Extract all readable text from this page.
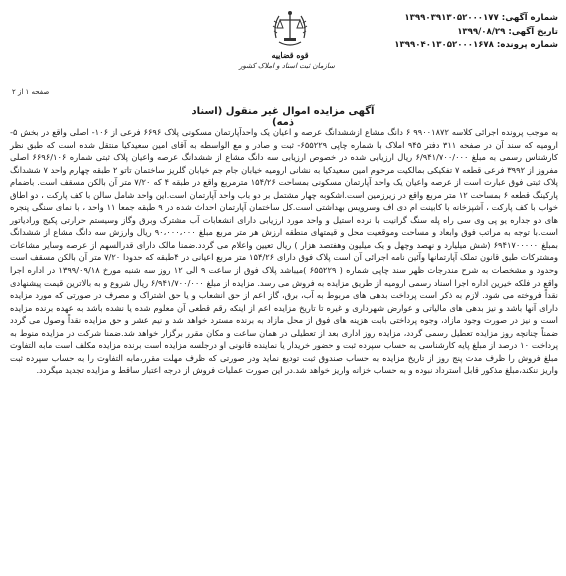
شماره آگهی: ۱۳۹۹۰۳۹۱۳۰۵۲۰۰۰۱۷۷
تاریخ آگهی: ۱۳۹۹/۰۸/۲۹
شماره پرونده: ۱۳۹۹۰۴۰۱۳۰۵۲۰۰۰۱۶۷۸
قوه قضاییه
سازمان ثبت اسناد و املاک کشور
صفحه ۱ از ۲
آگهی مزایده اموال غیر منقول (اسناد ذمه)

به موجب پرونده اجرائی کلاسه ۹۹۰۰۱۸۷۲ ۶ دانگ مشاع ازششدانگ عرصه و اعیان یک واحدآپارتمان مسکونی پلاک ۶۶۹۶ فرعی از ۱۰۶- اصلی واقع در بخش ۵- ارومیه که سند آن در صفحه ۳۱۱ دفتر ۹۴۵ املاک با شماره چاپی ۶۵۵۲۲۹- ثبت و صادر و مع الواسطه به آقای امین سعیدکیا منتقل شده است که طبق نظر کارشناس رسمی به مبلغ ۶/۹۴۱/۷۰۰/۰۰۰ ریال ارزیابی شده در خصوص ارزیابی سه دانگ مشاع از ششدانگ عرصه واعیان پلاک ثبتی شماره ۶۶۹۶/۱۰۶ اصلی مفروز از ۳۹۹۲ فرعی قطعه ۷ تفکیکی بمالکیت مرحوم امین سعیدکیا به نشانی ارومیه خیابان جام جم خیابان گلریز ساختمان تاتو ۲ طبقه چهارم واحد ۷ ششدانگ پلاک ثبتی فوق عبارت است از عرصه واعیان یک واحد آپارتمان مسکونی بمساحت ۱۵۴/۲۶ مترمربع واقع در طبقه ۴ که ۷/۲۰ متر آن بالکن مسقف است. باضمام پارکینگ قطعه ۶ بمساحت ۱۲ متر مربع واقع در زیرزمین است.اشکوبه چهار مشتمل بر دو باب واحد آپارتمان است.این واحد شامل سالن با کف پارکت ، دو اطاق خواب با کف پارکت ، آشپزخانه با کابینت ام دی اف وسرویس بهداشتی است.کل ساختمان آپارتمان احداث شده در ۹ طبقه جمعا ۱۱ واحد ، با نمای سنگی پنجره های دو جداره یو پی وی سی راه پله سنگ گرانیت با نرده استیل و واحد مورد ارزیابی دارای انشعابات آب مشترک وبرق وگاز وسیستم حرارتی پکیج ورادیاتور است.با توجه به مراتب فوق وابعاد و مساحت وموقعیت محل و قیمتهای منطقه ارزش هر متر مربع مبلغ ۹۰،۰۰۰،۰۰۰ ریال وارزش سه دانگ مشاع از ششدانگ بمبلغ ۶۹۴۱۷۰۰۰۰۰ (شش میلیارد و نهصد وچهل و یک میلیون وهفتصد هزار ) ریال تعیین واعلام می گردد.ضمنا مالک دارای قدرالسهم از عرصه وسایر مشاعات ومشترکات طبق قانون تملک آپارتمانها وآئین نامه اجرائی آن است پلاک فوق دارای ۱۵۴/۲۶ متر مربع اعیانی در ۴طبقه که حدودا ۷/۲۰ متر آن بالکن مسقف است وحدود و مشخصات به شرح مندرجات ظهر سند چاپی شماره ( ۶۵۵۲۲۹ )میباشد پلاک فوق از ساعت ۹ الی ۱۲ روز سه شنبه مورخ ۱۳۹۹/۰۹/۱۸ در اداره اجرا واقع در فلکه خیرین اداره اجرا اسناد رسمی ارومیه از طریق مزایده به فروش می رسد. مزایده از مبلغ ۶/۹۴۱/۷۰۰/۰۰۰ ریال شروع و به بالاترین قیمت پیشنهادی نقداً فروخته می شود. لازم به ذکر است پرداخت بدهی های مربوط به آب، برق، گاز اعم از حق انشعاب و یا حق اشتراک و مصرف در صورتی که مورد مزایده دارای آنها باشد و نیز بدهی های مالیاتی و عوارض شهرداری و غیره تا تاریخ مزایده اعم از اینکه رقم قطعی آن معلوم شده یا نشده باشد به عهده برنده مزایده است و نیز در صورت وجود مازاد، وجوه پرداختی بابت هزینه های فوق از محل مازاد به برنده مسترد خواهد شد و نیم عشر و حق مزایده نقداً وصول می گردد ضمناً چنانچه روز مزایده تعطیل رسمی گردد، مزایده روز اداری بعد از تعطیلی در همان ساعت و مکان مقرر برگزار خواهد شد.ضمنا شرکت در مزایده منوط به پرداخت ۱۰ درصد از مبلغ پایه کارشناسی به حساب سپرده ثبت و حضور خریدار یا نماینده قانونی او درجلسه مزایده است برنده مزایده مکلف است مابه التفاوت مبلغ فروش را ظرف مدت پنج روز از تاریخ مزایده به حساب صندوق ثبت تودیع نماید ودر صورتی که ظرف مهلت مقرر،مابه التفاوت را به حساب سپرده ثبت واریز ننکند،مبلغ مذکور قابل استرداد نبوده و به حساب خزانه واریز خواهد شد.در این صورت عملیات فروش از درجه اعتبار ساقط و مزایده تجدید میگردد.
